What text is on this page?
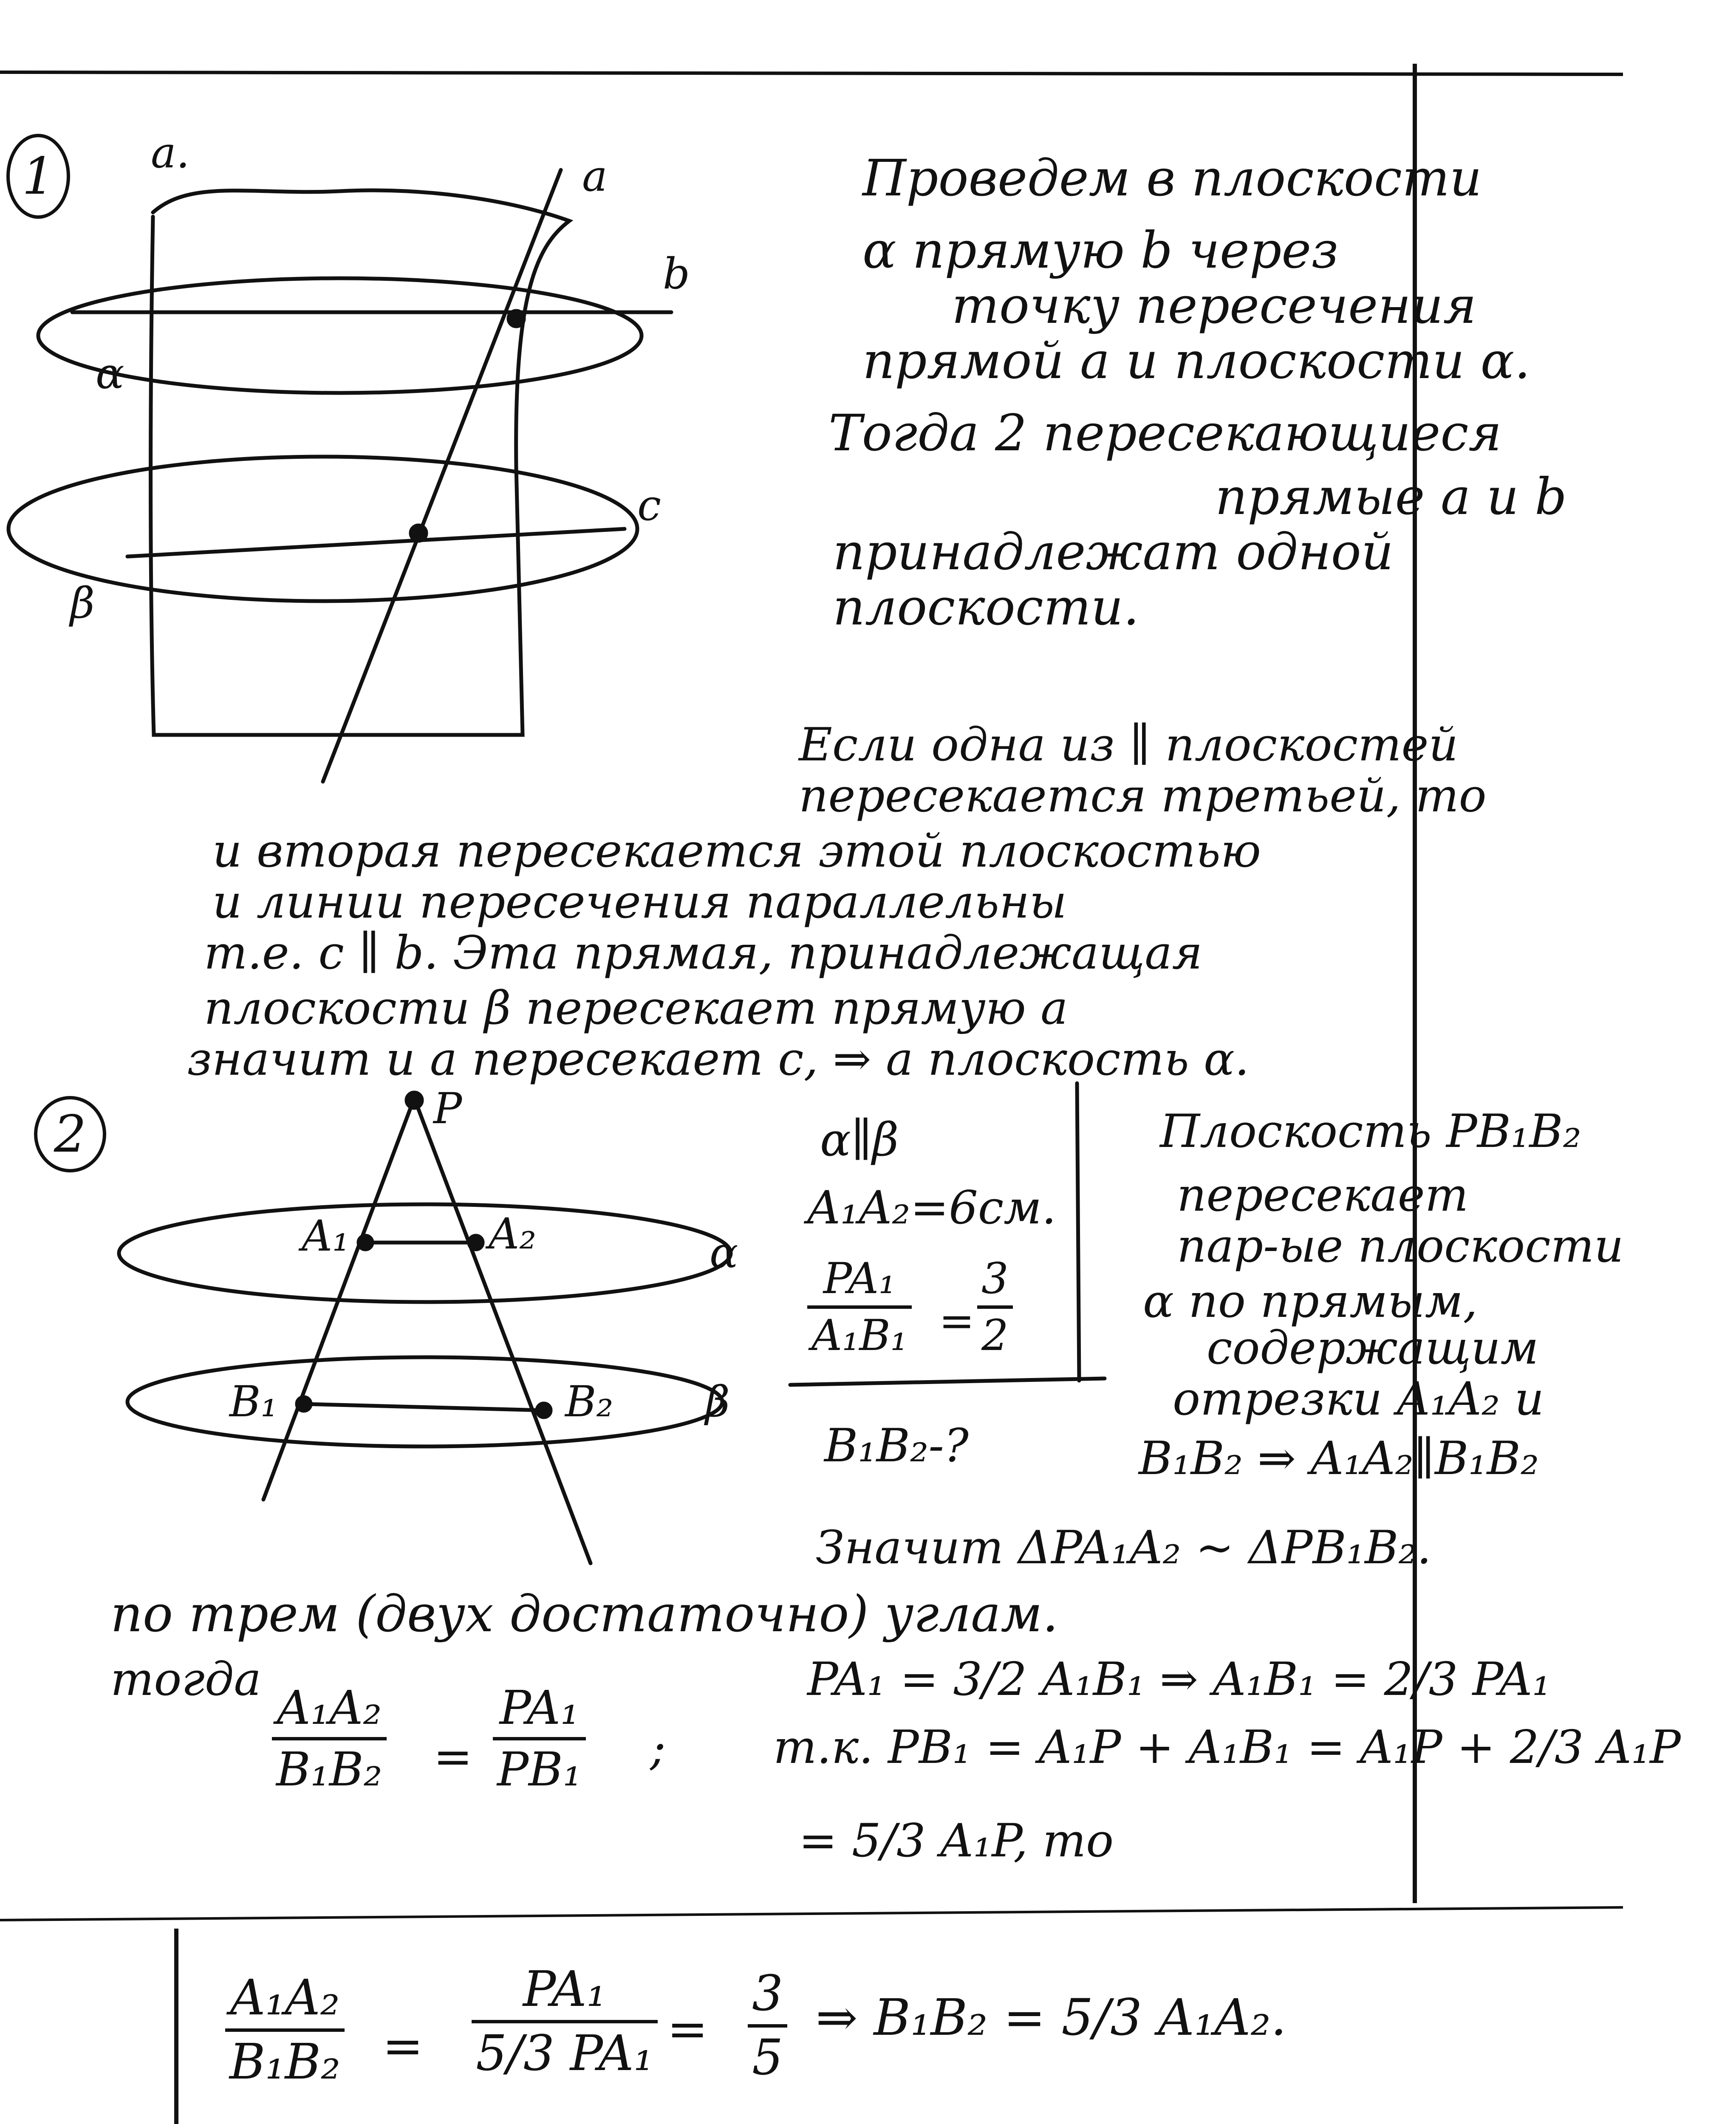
1 a.	a
b
α
c
β
Проведем в плоскости
α прямую b через
точку пересечения
прямой a и плоскости α.
Тогда 2 пересекающиеся
прямые a и b
принадлежат одной
плоскости.
Если одна из ∥ плоскостей
пересекается третьей, то
и вторая пересекается этой плоскостью
и линии пересечения параллельны
т.е. c ∥ b. Эта прямая, принадлежащая
плоскости β пересекает прямую a
значит и a пересекает c, ⇒ a плоскость α.
2	P
A₁	A₂	α
B₁	B₂ β
α∥β
A₁A₂=6см.
PA₁
A₁B₁ =
3
2
B₁B₂-?
Плоскость PB₁B₂
пересекает
пар-ые плоскости
α по прямым,
содержащим
отрезки A₁A₂ и
B₁B₂ ⇒ A₁A₂∥B₁B₂
Значит ΔPA₁A₂ ~ ΔPB₁B₂.
по трем (двух достаточно) углам.
тогда
A₁A₂
B₁B₂ =
PA₁
PB₁ ;
PA₁ = 3/2 A₁B₁ ⇒ A₁B₁ = 2/3 PA₁
т.к. PB₁ = A₁P + A₁B₁ = A₁P + 2/3 A₁P
= 5/3 A₁P, то
A₁A₂
B₁B₂ =
PA₁
5/3 PA₁ =
3
5
⇒ B₁B₂ = 5/3 A₁A₂.
